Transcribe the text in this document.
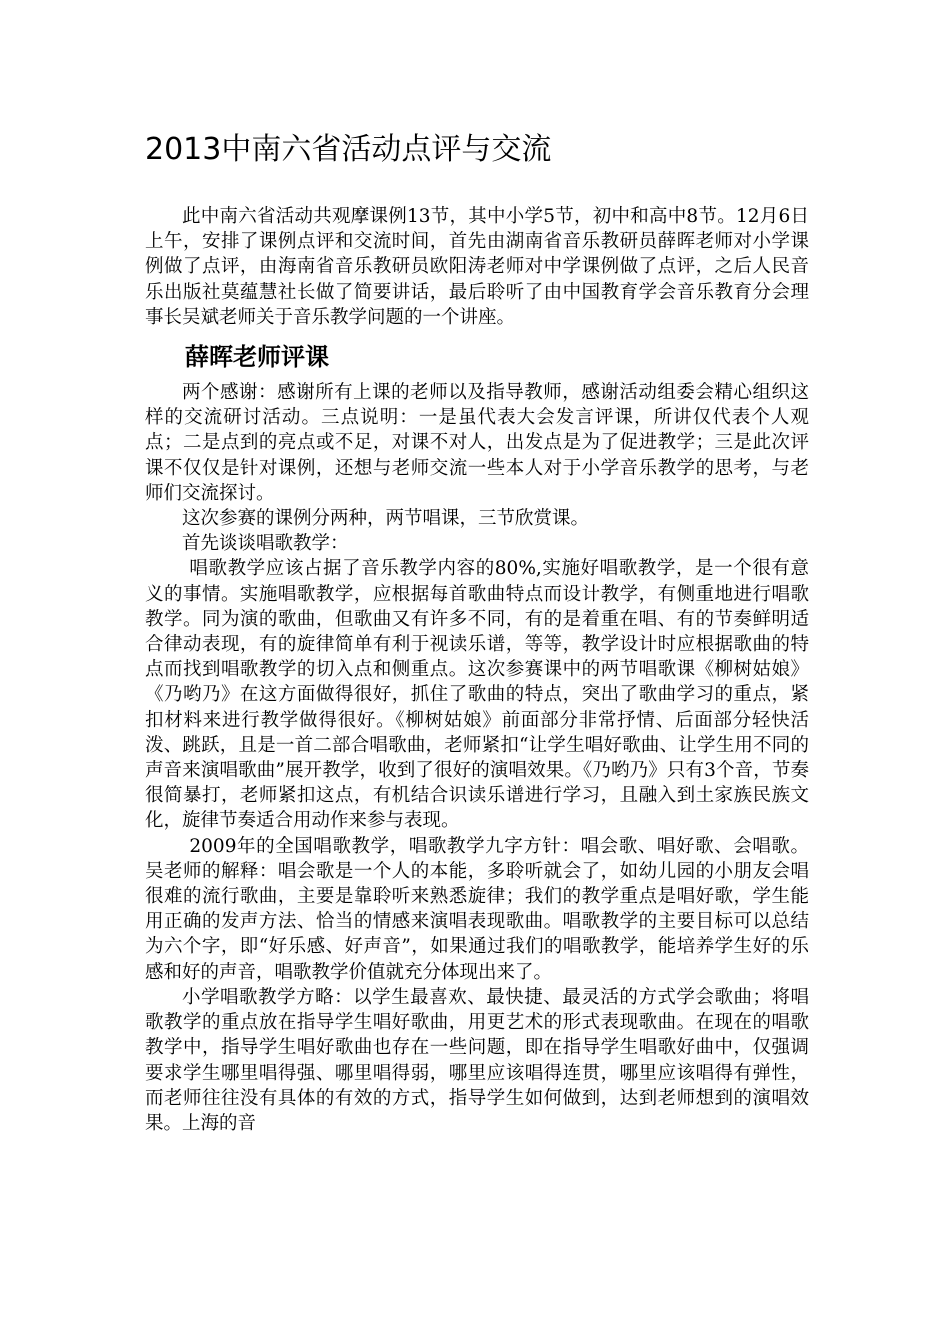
2013中南六省活动点评与交流

此中南六省活动共观摩课例13节，其中小学5节，初中和高中8节。12月6日上午，安排了课例点评和交流时间，首先由湖南省音乐教研员薛晖老师对小学课例做了点评，由海南省音乐教研员欧阳涛老师对中学课例做了点评，之后人民音乐出版社莫蕴慧社长做了简要讲话，最后聆听了由中国教育学会音乐教育分会理事长吴斌老师关于音乐教学问题的一个讲座。

薛晖老师评课

两个感谢：感谢所有上课的老师以及指导教师，感谢活动组委会精心组织这样的交流研讨活动。三点说明：一是虽代表大会发言评课，所讲仅代表个人观点；二是点到的亮点或不足，对课不对人，出发点是为了促进教学；三是此次评课不仅仅是针对课例，还想与老师交流一些本人对于小学音乐教学的思考，与老师们交流探讨。

这次参赛的课例分两种，两节唱课，三节欣赏课。

首先谈谈唱歌教学：

唱歌教学应该占据了音乐教学内容的80%,实施好唱歌教学，是一个很有意义的事情。实施唱歌教学，应根据每首歌曲特点而设计教学，有侧重地进行唱歌教学。同为演的歌曲，但歌曲又有许多不同，有的是着重在唱、有的节奏鲜明适合律动表现，有的旋律简单有利于视读乐谱，等等，教学设计时应根据歌曲的特点而找到唱歌教学的切入点和侧重点。这次参赛课中的两节唱歌课《柳树姑娘》《乃哟乃》在这方面做得很好，抓住了歌曲的特点，突出了歌曲学习的重点，紧扣材料来进行教学做得很好。《柳树姑娘》前面部分非常抒情、后面部分轻快活泼、跳跃，且是一首二部合唱歌曲，老师紧扣“让学生唱好歌曲、让学生用不同的声音来演唱歌曲”展开教学，收到了很好的演唱效果。《乃哟乃》只有3个音，节奏很简暴打，老师紧扣这点，有机结合识读乐谱进行学习，且融入到土家族民族文化，旋律节奏适合用动作来参与表现。

2009年的全国唱歌教学，唱歌教学九字方针：唱会歌、唱好歌、会唱歌。吴老师的解释：唱会歌是一个人的本能，多聆听就会了，如幼儿园的小朋友会唱很难的流行歌曲，主要是靠聆听来熟悉旋律；我们的教学重点是唱好歌，学生能用正确的发声方法、恰当的情感来演唱表现歌曲。唱歌教学的主要目标可以总结为六个字，即“好乐感、好声音”，如果通过我们的唱歌教学，能培养学生好的乐感和好的声音，唱歌教学价值就充分体现出来了。

小学唱歌教学方略：以学生最喜欢、最快捷、最灵活的方式学会歌曲；将唱歌教学的重点放在指导学生唱好歌曲，用更艺术的形式表现歌曲。在现在的唱歌教学中，指导学生唱好歌曲也存在一些问题，即在指导学生唱歌好曲中，仅强调要求学生哪里唱得强、哪里唱得弱，哪里应该唱得连贯，哪里应该唱得有弹性，而老师往往没有具体的有效的方式，指导学生如何做到，达到老师想到的演唱效果。上海的音
